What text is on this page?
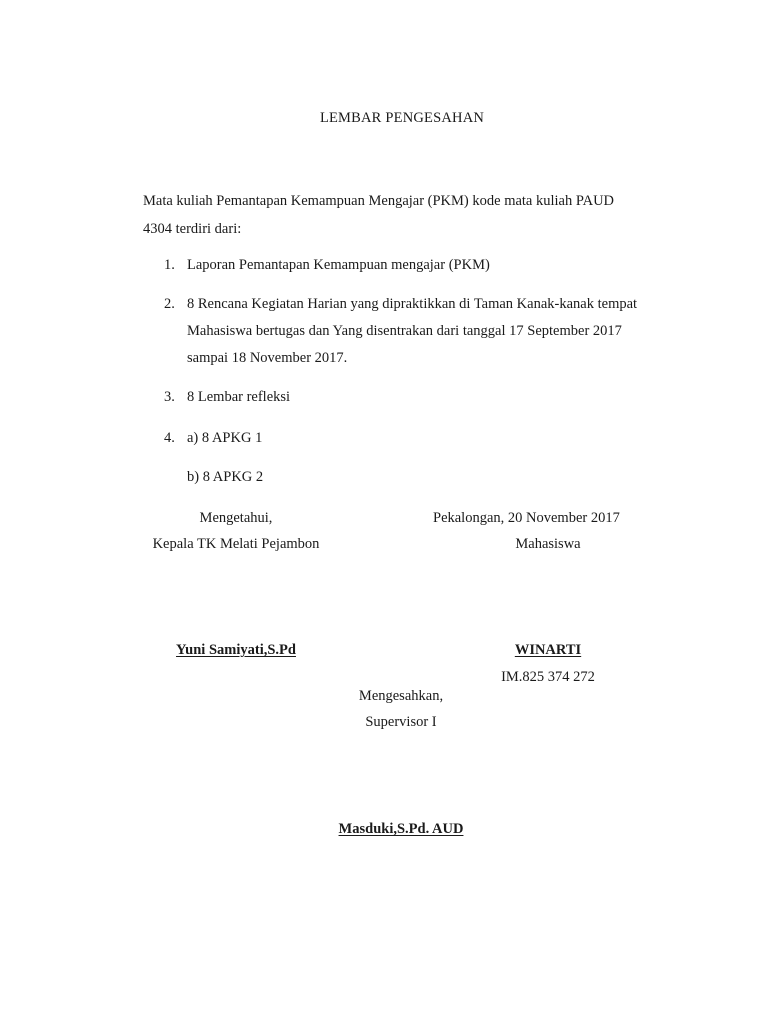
LEMBAR PENGESAHAN
Mata kuliah Pemantapan Kemampuan Mengajar (PKM) kode mata kuliah PAUD 4304 terdiri dari:
1. Laporan Pemantapan Kemampuan mengajar (PKM)
2. 8 Rencana Kegiatan Harian yang dipraktikkan di Taman Kanak-kanak tempat
Mahasiswa bertugas dan Yang disentrakan dari tanggal 17 September 2017
sampai 18 November 2017.
3. 8 Lembar refleksi
4. a) 8 APKG 1
b) 8 APKG 2
Mengetahui,
Kepala TK Melati Pejambon
Yuni Samiyati,S.Pd
Pekalongan, 20 November 2017
Mahasiswa
WINARTI
IM.825 374 272
Mengesahkan,
Supervisor I
Masduki,S.Pd. AUD
